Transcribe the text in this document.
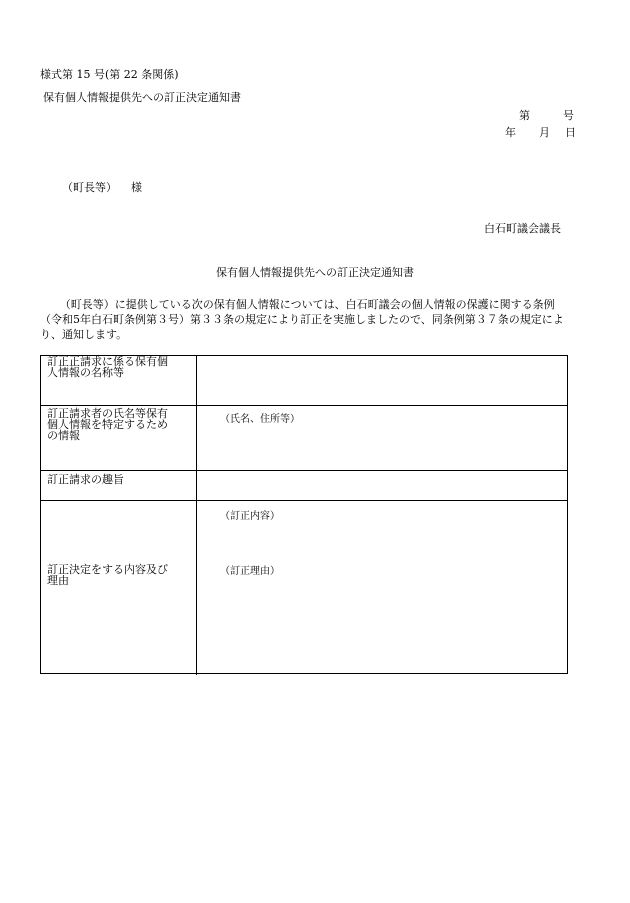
様式第 15 号(第 22 条関係)
保有個人情報提供先への訂正決定通知書
第	号
年 月 日
（町長等） 様
白石町議会議長
保有個人情報提供先への訂正決定通知書
（町長等）に提供している次の保有個人情報については、白石町議会の個人情報の保護に関する条例（令和5年白石町条例第３号）第３３条の規定により訂正を実施しましたので、同条例第３７条の規定により、通知します。
訂正正請求に係る保有個人情報の名称等
訂正請求者の氏名等保有個人情報を特定するための情報
（氏名、住所等）
訂正請求の趣旨
訂正決定をする内容及び理由
（訂正内容）
（訂正理由）
